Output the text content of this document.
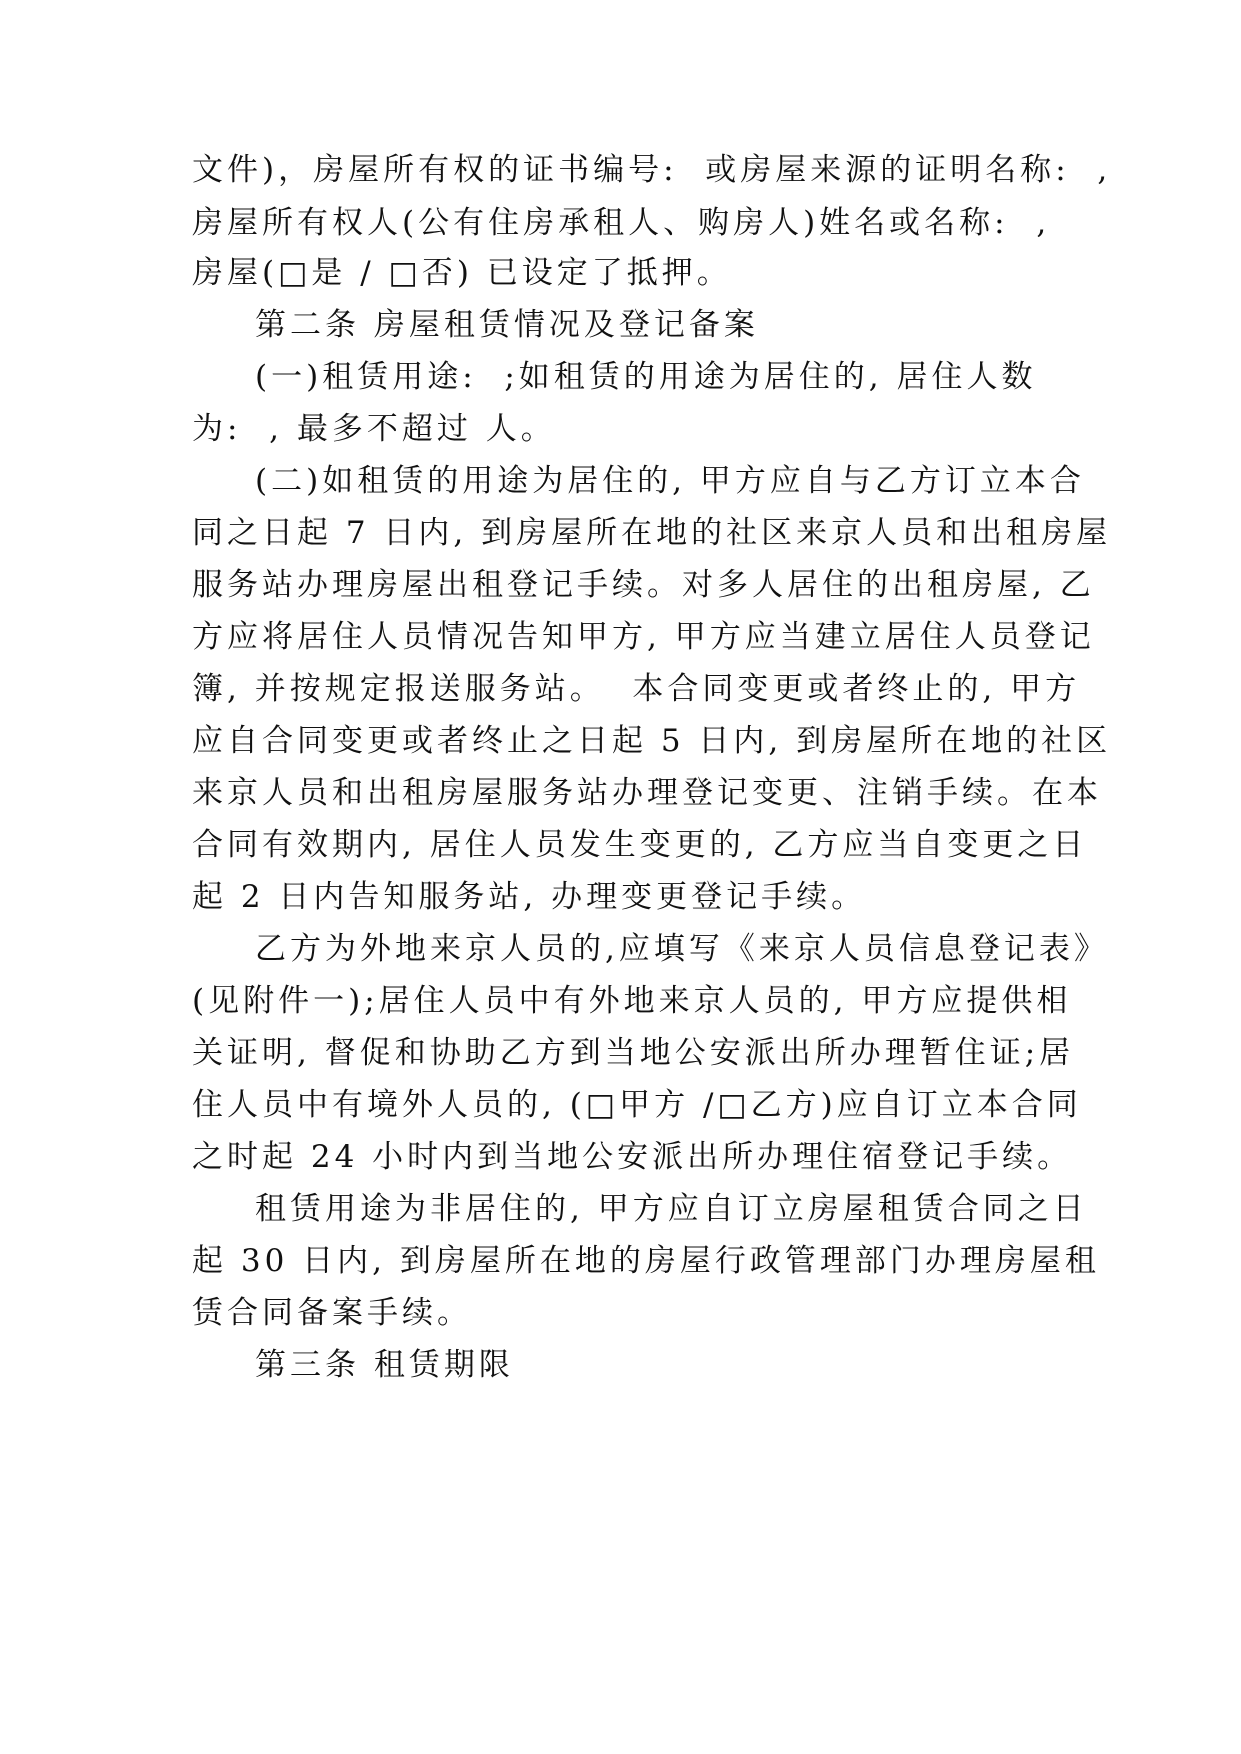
文件)，房屋所有权的证书编号:  或房屋来源的证明名称:  ,
房屋所有权人(公有住房承租人、购房人)姓名或名称:  ,
房屋(□是 / □否) 已设定了抵押。
第二条 房屋租赁情况及登记备案
(一)租赁用途:  ;如租赁的用途为居住的, 居住人数
为:  , 最多不超过 人。
(二)如租赁的用途为居住的, 甲方应自与乙方订立本合
同之日起 7 日内, 到房屋所在地的社区来京人员和出租房屋
服务站办理房屋出租登记手续。对多人居住的出租房屋, 乙
方应将居住人员情况告知甲方, 甲方应当建立居住人员登记
簿, 并按规定报送服务站。  本合同变更或者终止的, 甲方
应自合同变更或者终止之日起 5 日内, 到房屋所在地的社区
来京人员和出租房屋服务站办理登记变更、注销手续。在本
合同有效期内, 居住人员发生变更的, 乙方应当自变更之日
起 2 日内告知服务站, 办理变更登记手续。
乙方为外地来京人员的,应填写《来京人员信息登记表》
(见附件一);居住人员中有外地来京人员的, 甲方应提供相
关证明, 督促和协助乙方到当地公安派出所办理暂住证;居
住人员中有境外人员的, (□甲方 /□乙方)应自订立本合同
之时起 24 小时内到当地公安派出所办理住宿登记手续。
租赁用途为非居住的, 甲方应自订立房屋租赁合同之日
起 30 日内, 到房屋所在地的房屋行政管理部门办理房屋租
赁合同备案手续。
第三条 租赁期限
